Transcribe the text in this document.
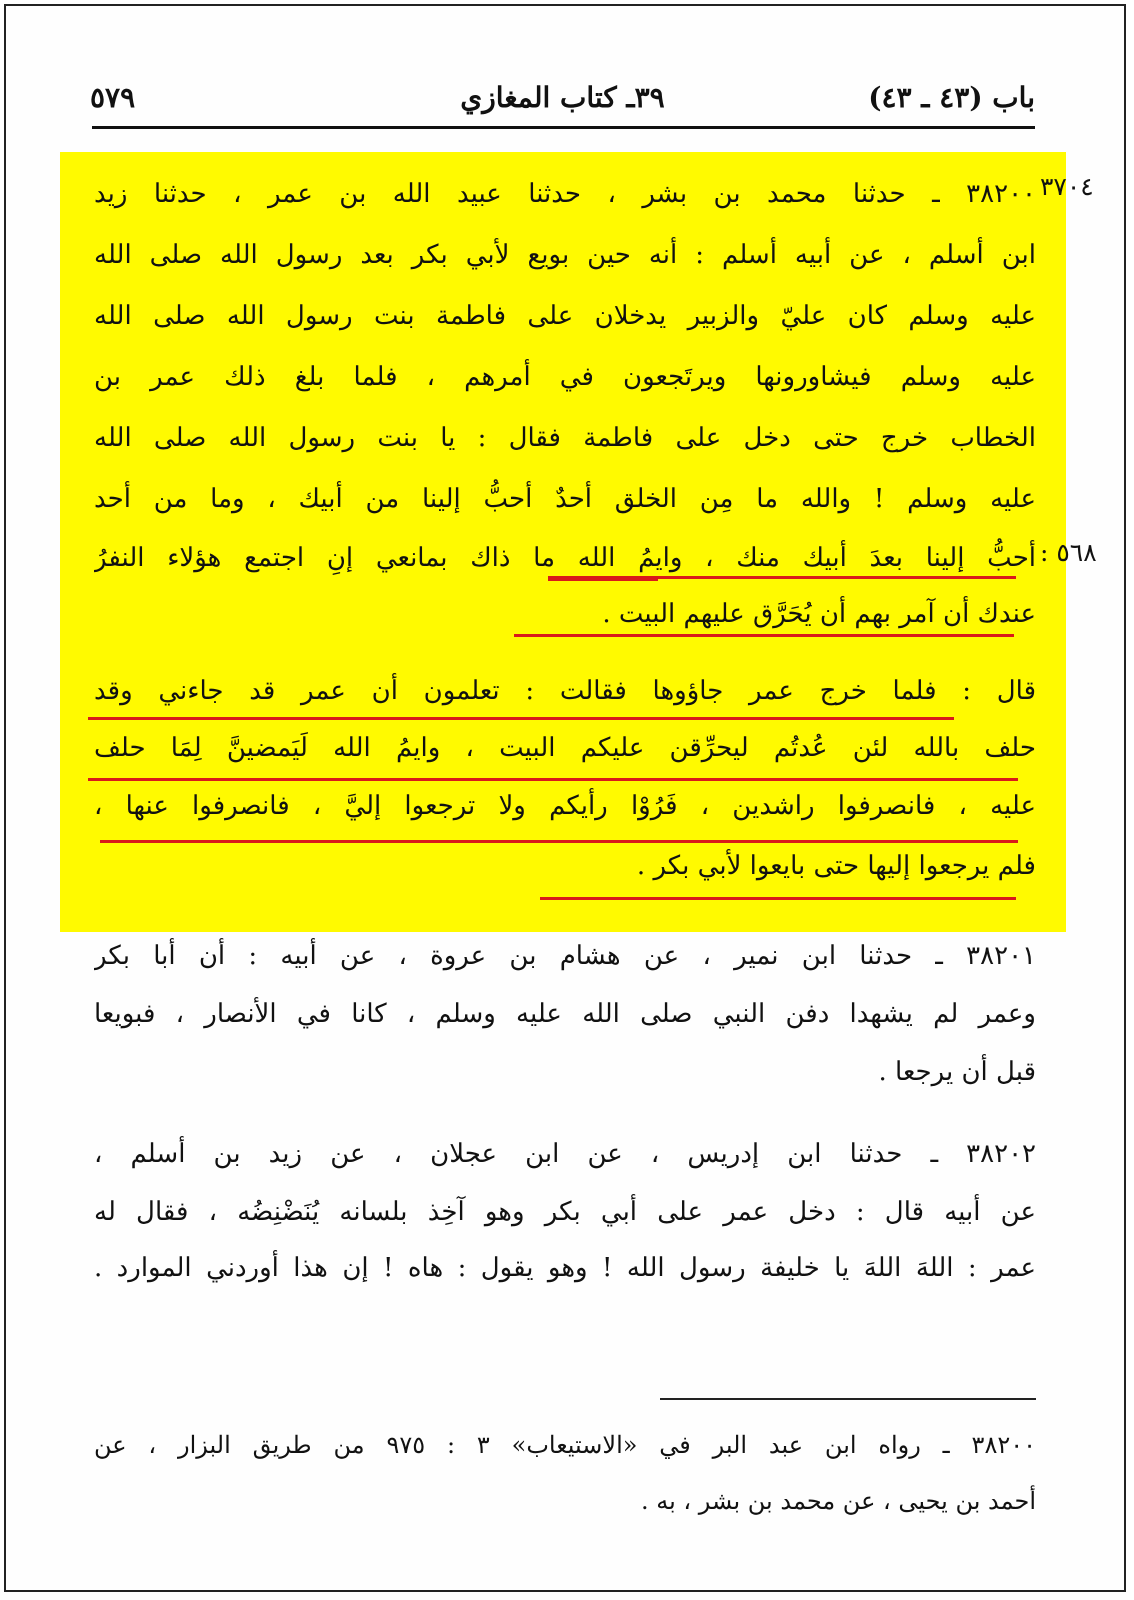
باب (٤٣ ـ ٤٣)
٣٩ـ كتاب المغازي
٥٧٩
٣٧٠٤
: ٥٦٨
٣٨٢٠٠ ـ حدثنا محمد بن بشر ، حدثنا عبيد الله بن عمر ، حدثنا زيد
ابن أسلم ، عن أبيه أسلم : أنه حين بويع لأبي بكر بعد رسول الله صلى الله
عليه وسلم كان عليّ والزبير يدخلان على فاطمة بنت رسول الله صلى الله
عليه وسلم فيشاورونها ويرتَجعون في أمرهم ، فلما بلغ ذلك عمر بن
الخطاب خرج حتى دخل على فاطمة فقال : يا بنت رسول الله صلى الله
عليه وسلم ! والله ما مِن الخلق أحدٌ أحبُّ إلينا من أبيك ، وما من أحد
أحبُّ إلينا بعدَ أبيك منك ، وايمُ الله ما ذاك بمانعي إنِ اجتمع هؤلاء النفرُ
عندك أن آمر بهم أن يُحَرَّق عليهم البيت .
قال : فلما خرج عمر جاؤوها فقالت : تعلمون أن عمر قد جاءني وقد
حلف بالله لئن عُدتُم ليحرِّقن عليكم البيت ، وايمُ الله لَيَمضينَّ لِمَا حلف
عليه ، فانصرفوا راشدين ، فَرُوْا رأيكم ولا ترجعوا إليَّ ، فانصرفوا عنها ،
فلم يرجعوا إليها حتى بايعوا لأبي بكر .
٣٨٢٠١ ـ حدثنا ابن نمير ، عن هشام بن عروة ، عن أبيه : أن أبا بكر
وعمر لم يشهدا دفن النبي صلى الله عليه وسلم ، كانا في الأنصار ، فبويعا
قبل أن يرجعا .
٣٨٢٠٢ ـ حدثنا ابن إدريس ، عن ابن عجلان ، عن زيد بن أسلم ،
عن أبيه قال : دخل عمر على أبي بكر وهو آخِذ بلسانه يُنَضْنِضُه ، فقال له
عمر : اللهَ اللهَ يا خليفة رسول الله ! وهو يقول : هاه ! إن هذا أوردني الموارد .
٣٨٢٠٠ ـ رواه ابن عبد البر في «الاستيعاب» ٣ : ٩٧٥ من طريق البزار ، عن
أحمد بن يحيى ، عن محمد بن بشر ، به .
